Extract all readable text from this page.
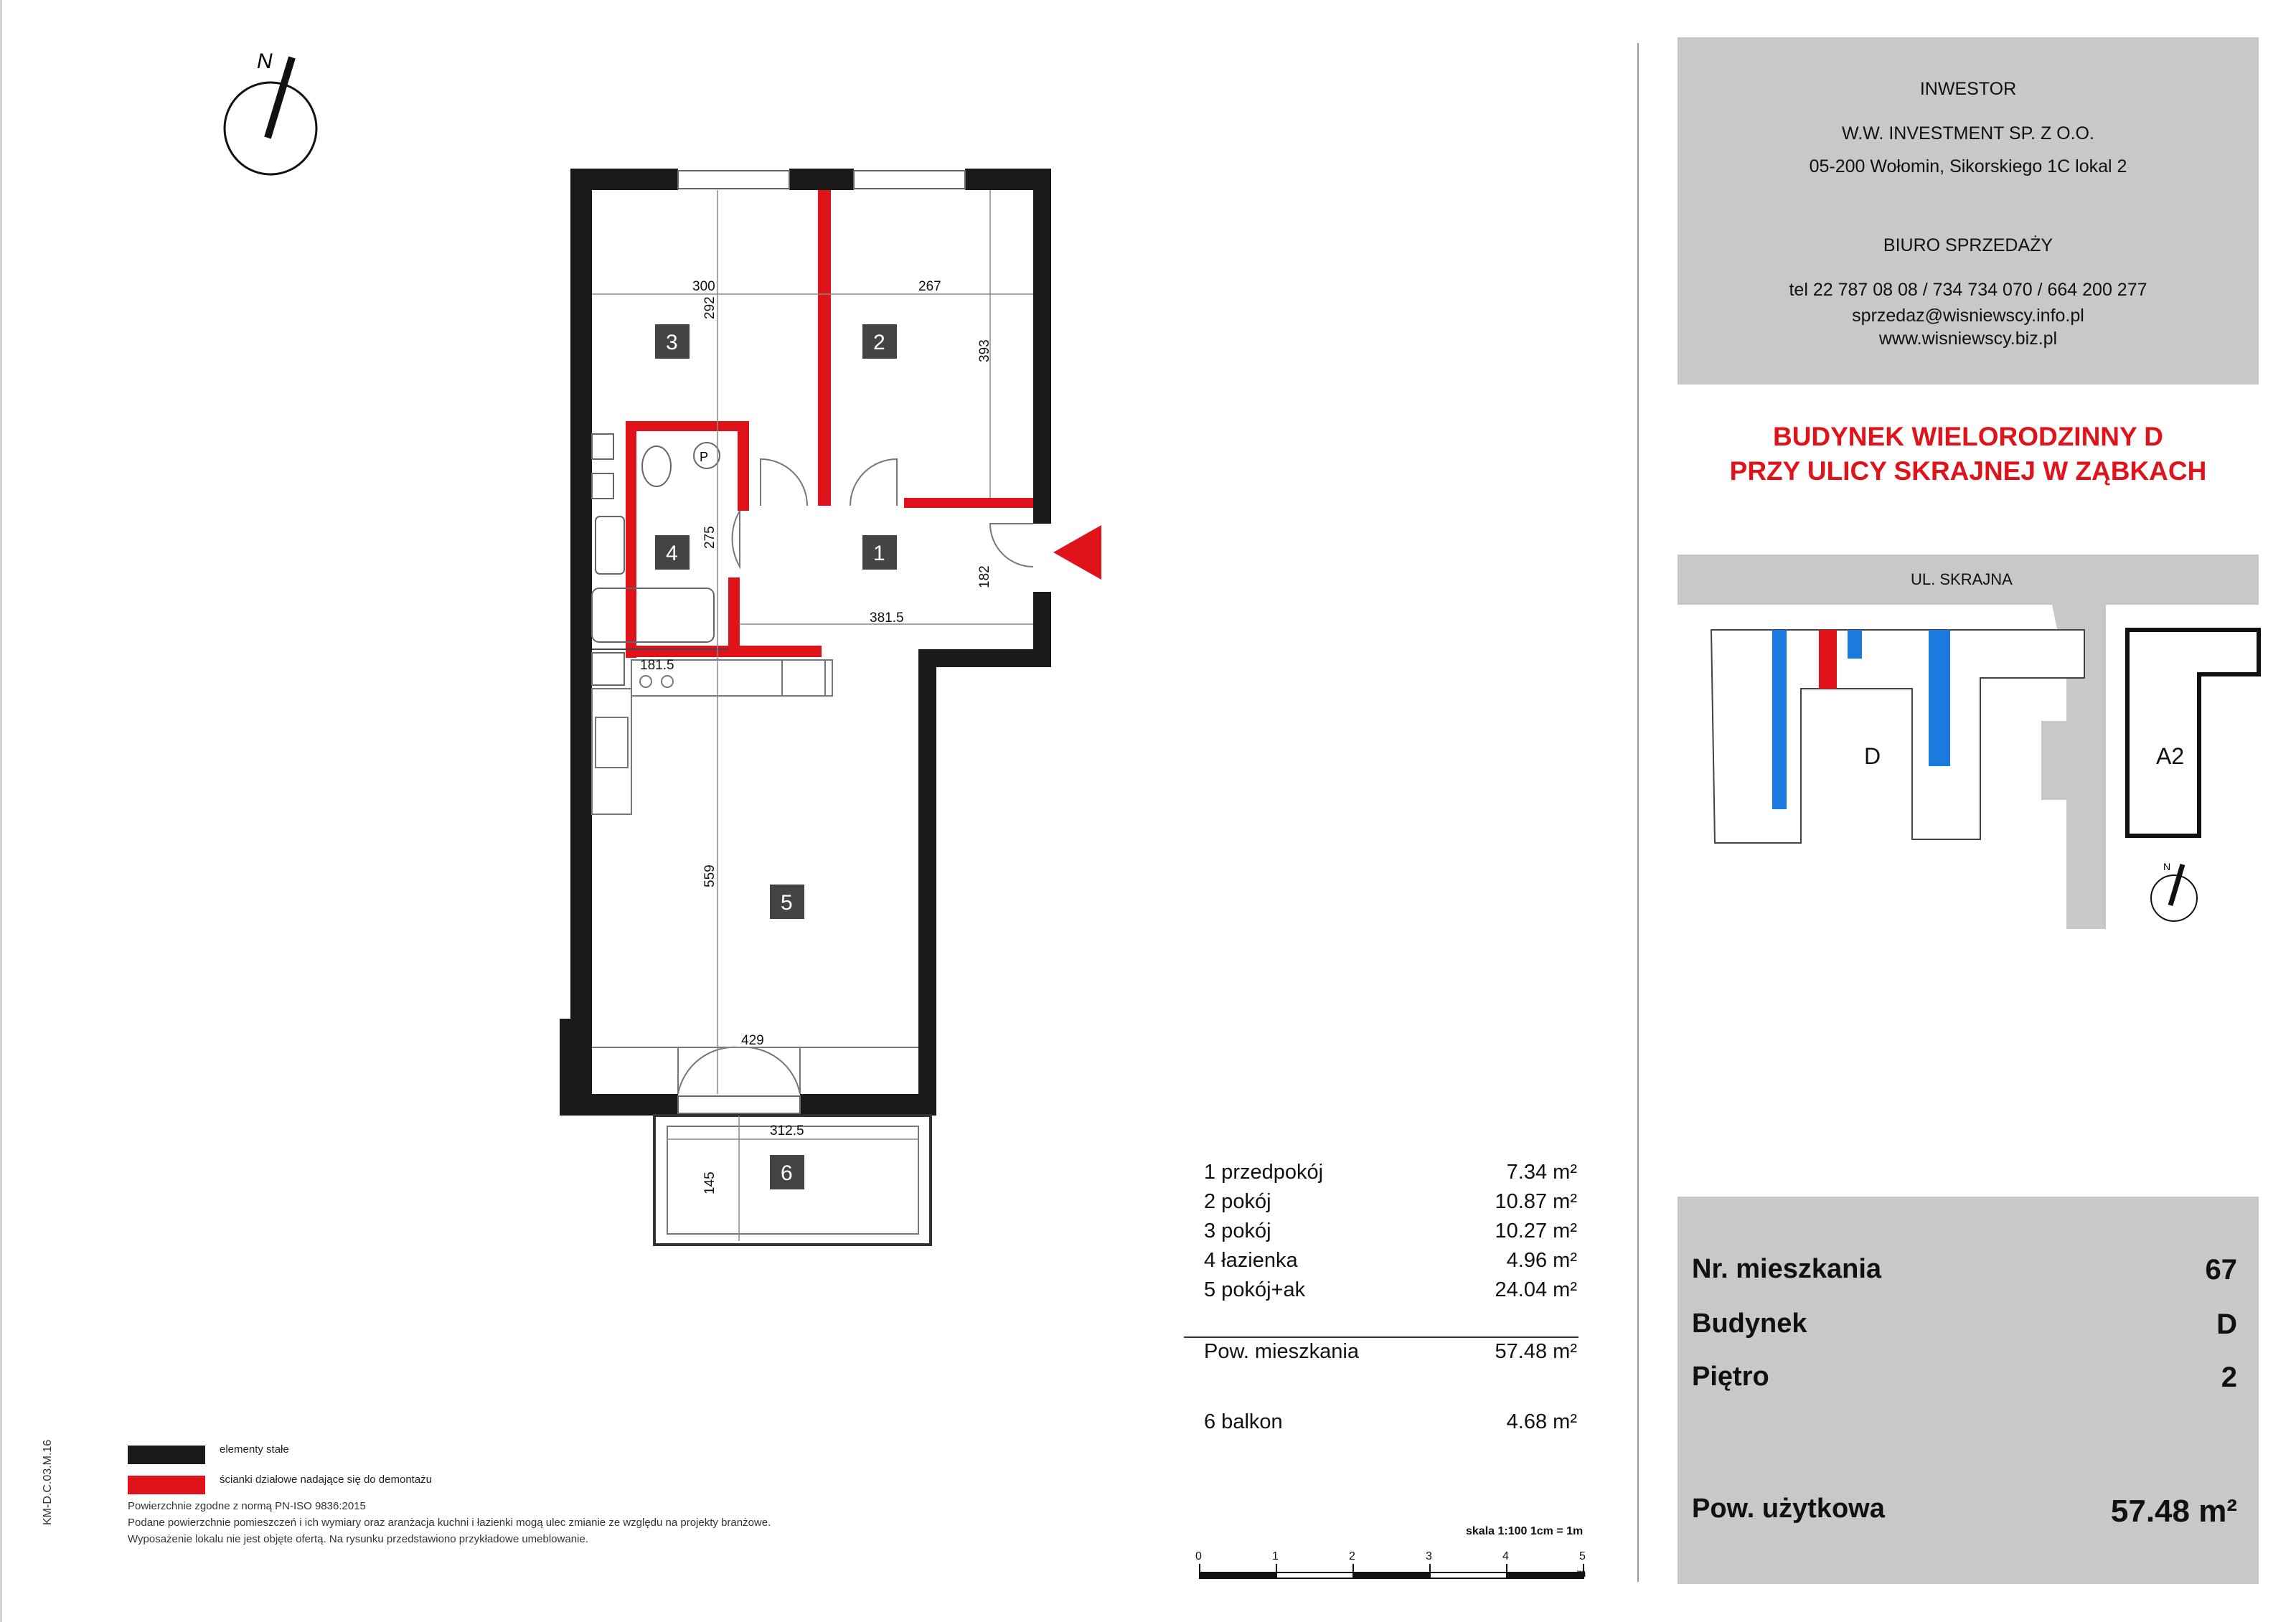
N
P
300	267
292
393
275
182
381.5
181.5
559
429
312.5
145
3	2
4	1
5
6
UL. SKRAJNA
D	A2
N
0	1	2	3	4	5
m
skala 1:100 1cm = 1m
INWESTOR
W.W. INVESTMENT SP. Z O.O.
05-200 Wołomin, Sikorskiego 1C lokal 2
BIURO SPRZEDAŻY
tel 22 787 08 08 / 734 734 070 / 664 200 277
sprzedaz@wisniewscy.info.pl
www.wisniewscy.biz.pl
BUDYNEK WIELORODZINNY D
PRZY ULICY SKRAJNEJ W ZĄBKACH
1 przedpokój	7.34 m²
2 pokój	10.87 m²
3 pokój	10.27 m²
4 łazienka	4.96 m²
5 pokój+ak	24.04 m²
Pow. mieszkania	57.48 m²
6 balkon	4.68 m²
Nr. mieszkania	67
Budynek	D
Piętro	2
Pow. użytkowa	57.48 m²
elementy stałe
ścianki działowe nadające się do demontażu
Powierzchnie zgodne z normą PN-ISO 9836:2015
Podane powierzchnie pomieszczeń i ich wymiary oraz aranżacja kuchni i łazienki mogą ulec zmianie ze względu na projekty branżowe.
Wyposażenie lokalu nie jest objęte ofertą. Na rysunku przedstawiono przykładowe umeblowanie.
KM-D.C.03.M.16
